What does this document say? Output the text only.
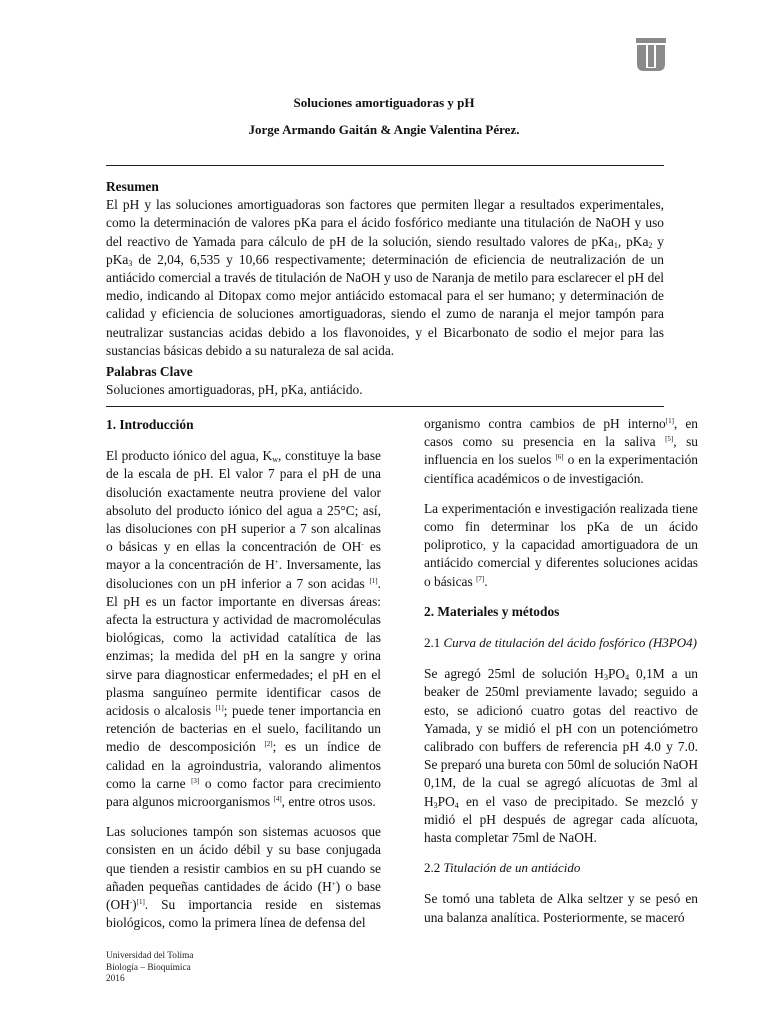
Soluciones amortiguadoras y pH
Jorge Armando Gaitán & Angie Valentina Pérez.
Resumen

El pH y las soluciones amortiguadoras son factores que permiten llegar a resultados experimentales, como la determinación de valores pKa para el ácido fosfórico mediante una titulación de NaOH y uso del reactivo de Yamada para cálculo de pH de la solución, siendo resultado valores de pKa$_1$, pKa$_2$ y pKa$_3$ de 2,04, 6,535 y 10,66 respectivamente; determinación de eficiencia de neutralización de un antiácido comercial a través de titulación de NaOH y uso de Naranja de metilo para esclarecer el pH del medio, indicando al Ditopax como mejor antiácido estomacal para el ser humano; y determinación de calidad y eficiencia de soluciones amortiguadoras, siendo el zumo de naranja el mejor tampón para neutralizar sustancias acidas debido a los flavonoides, y el Bicarbonato de sodio el mejor para las sustancias básicas debido a su naturaleza de sal acida.

Palabras Clave

Soluciones amortiguadoras, pH, pKa, antiácido.

1. Introducción

El producto iónico del agua, $K_w$, constituye la base de la escala de pH. El valor 7 para el pH de una disolución exactamente neutra proviene del valor absoluto del producto iónico del agua a 25°C; así, las disoluciones con pH superior a 7 son alcalinas o básicas y en ellas la concentración de OH- es mayor a la concentración de H+. Inversamente, las disoluciones con un pH inferior a 7 son acidas [1]. El pH es un factor importante en diversas áreas: afecta la estructura y actividad de macromoléculas biológicas, como la actividad catalítica de las enzimas; la medida del pH en la sangre y orina sirve para diagnosticar enfermedades; el pH en el plasma sanguíneo permite identificar casos de acidosis o alcalosis [1]; puede tener importancia en retención de bacterias en el suelo, facilitando un medio de descomposición [2]; es un índice de calidad en la agroindustria, valorando alimentos como la carne [3] o como factor para crecimiento para algunos microorganismos [4], entre otros usos.

Las soluciones tampón son sistemas acuosos que consisten en un ácido débil y su base conjugada que tienden a resistir cambios en su pH cuando se añaden pequeñas cantidades de ácido (H+) o base (OH-)[1]. Su importancia reside en sistemas biológicos, como la primera línea de defensa del

organismo contra cambios de pH interno[1], en casos como su presencia en la saliva [5], su influencia en los suelos [6] o en la experimentación científica académicos o de investigación.

La experimentación e investigación realizada tiene como fin determinar los pKa de un ácido poliprotico, y la capacidad amortiguadora de un antiácido comercial y diferentes soluciones acidas o básicas [7].

2. Materiales y métodos
2.1 Curva de titulación del ácido fosfórico (H3PO4)

Se agregó 25ml de solución $H_3PO_4$ 0,1M a un beaker de 250ml previamente lavado; seguido a esto, se adicionó cuatro gotas del reactivo de Yamada, y se midió el pH con un potenciómetro calibrado con buffers de referencia pH 4.0 y 7.0. Se preparó una bureta con 50ml de solución NaOH 0,1M, de la cual se agregó alícuotas de 3ml al $H_3PO_4$ en el vaso de precipitado. Se mezcló y midió el pH después de agregar cada alícuota, hasta completar 75ml de NaOH.

2.2 Titulación de un antiácido

Se tomó una tableta de Alka seltzer y se pesó en una balanza analítica. Posteriormente, se maceró

Universidad del Tolima
Biología – Bioquímica
2016
